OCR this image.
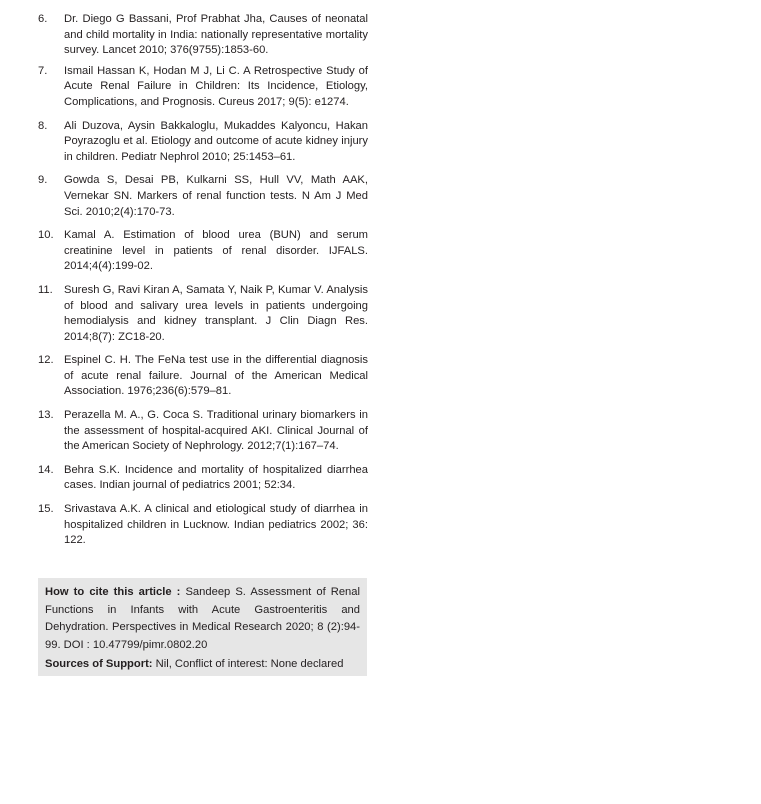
6.	Dr. Diego G Bassani, Prof Prabhat Jha, Causes of neonatal and child mortality in India: nationally representative mortality survey. Lancet 2010; 376(9755):1853-60.
7.	Ismail Hassan K, Hodan M J, Li C. A Retrospective Study of Acute Renal Failure in Children: Its Incidence, Etiology, Complications, and Prognosis. Cureus 2017; 9(5): e1274.
8.	Ali Duzova, Aysin Bakkaloglu, Mukaddes Kalyoncu, Hakan Poyrazoglu et al. Etiology and outcome of acute kidney injury in children. Pediatr Nephrol 2010; 25:1453–61.
9.	Gowda S, Desai PB, Kulkarni SS, Hull VV, Math AAK, Vernekar SN. Markers of renal function tests. N Am J Med Sci. 2010;2(4):170-73.
10. Kamal A. Estimation of blood urea (BUN) and serum creatinine level in patients of renal disorder. IJFALS. 2014;4(4):199-02.
11.	Suresh G, Ravi Kiran A, Samata Y, Naik P, Kumar V. Analysis of blood and salivary urea levels in patients undergoing hemodialysis and kidney transplant. J Clin Diagn Res. 2014;8(7): ZC18-20.
12. Espinel C. H. The FeNa test use in the differential diagnosis of acute renal failure. Journal of the American Medical Association. 1976;236(6):579–81.
13. Perazella M. A., G. Coca S. Traditional urinary biomarkers in the assessment of hospital-acquired AKI. Clinical Journal of the American Society of Nephrology. 2012;7(1):167–74.
14. Behra S.K. Incidence and mortality of hospitalized diarrhea cases. Indian journal of pediatrics 2001; 52:34.
15. Srivastava A.K. A clinical and etiological study of diarrhea in hospitalized children in Lucknow. Indian pediatrics 2002; 36: 122.

How to cite this article : Sandeep S. Assessment of Renal Functions in Infants with Acute Gastroenteritis and Dehydration. Perspectives in Medical Research 2020; 8 (2):94-99. DOI : 10.47799/pimr.0802.20

Sources of Support: Nil, Conflict of interest: None declared
